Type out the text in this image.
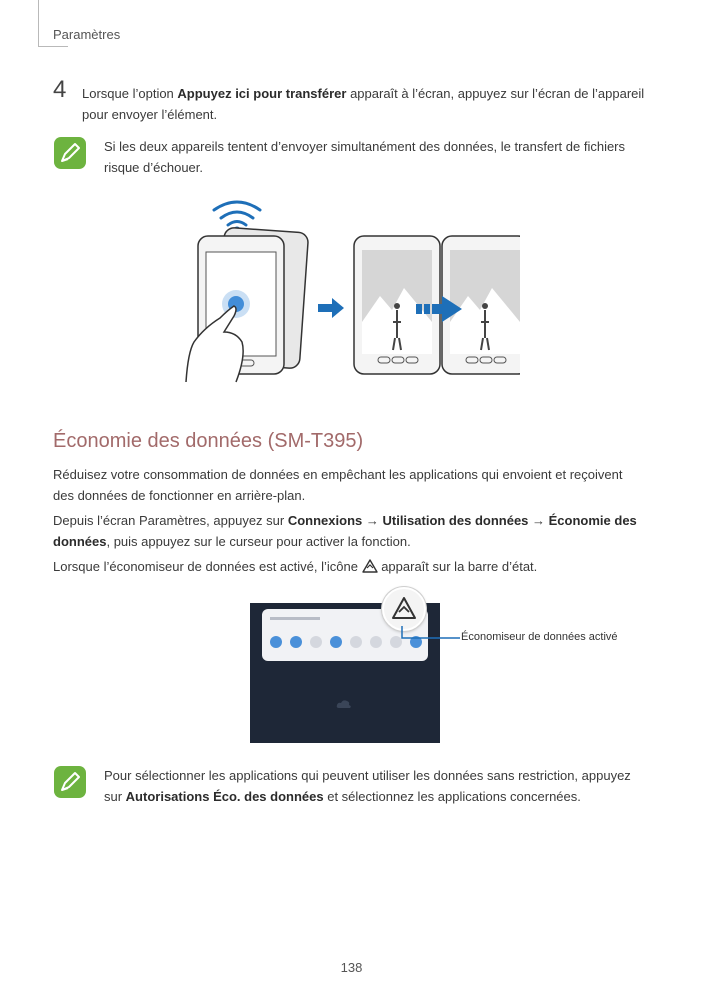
Paramètres
4 Lorsque l’option Appuyez ici pour transférer apparaît à l’écran, appuyez sur l’écran de l’appareil
pour envoyer l’élément.
Si les deux appareils tentent d’envoyer simultanément des données, le transfert de fichiers
risque d’échouer.
Économie des données (SM-T395)
Réduisez votre consommation de données en empêchant les applications qui envoient et reçoivent
des données de fonctionner en arrière-plan.
Depuis l’écran Paramètres, appuyez sur Connexions → Utilisation des données → Économie des
données, puis appuyez sur le curseur pour activer la fonction.
Lorsque l’économiseur de données est activé, l’icône  apparaît sur la barre d’état.
Économiseur de données activé
Pour sélectionner les applications qui peuvent utiliser les données sans restriction, appuyez
sur Autorisations Éco. des données et sélectionnez les applications concernées.
138
